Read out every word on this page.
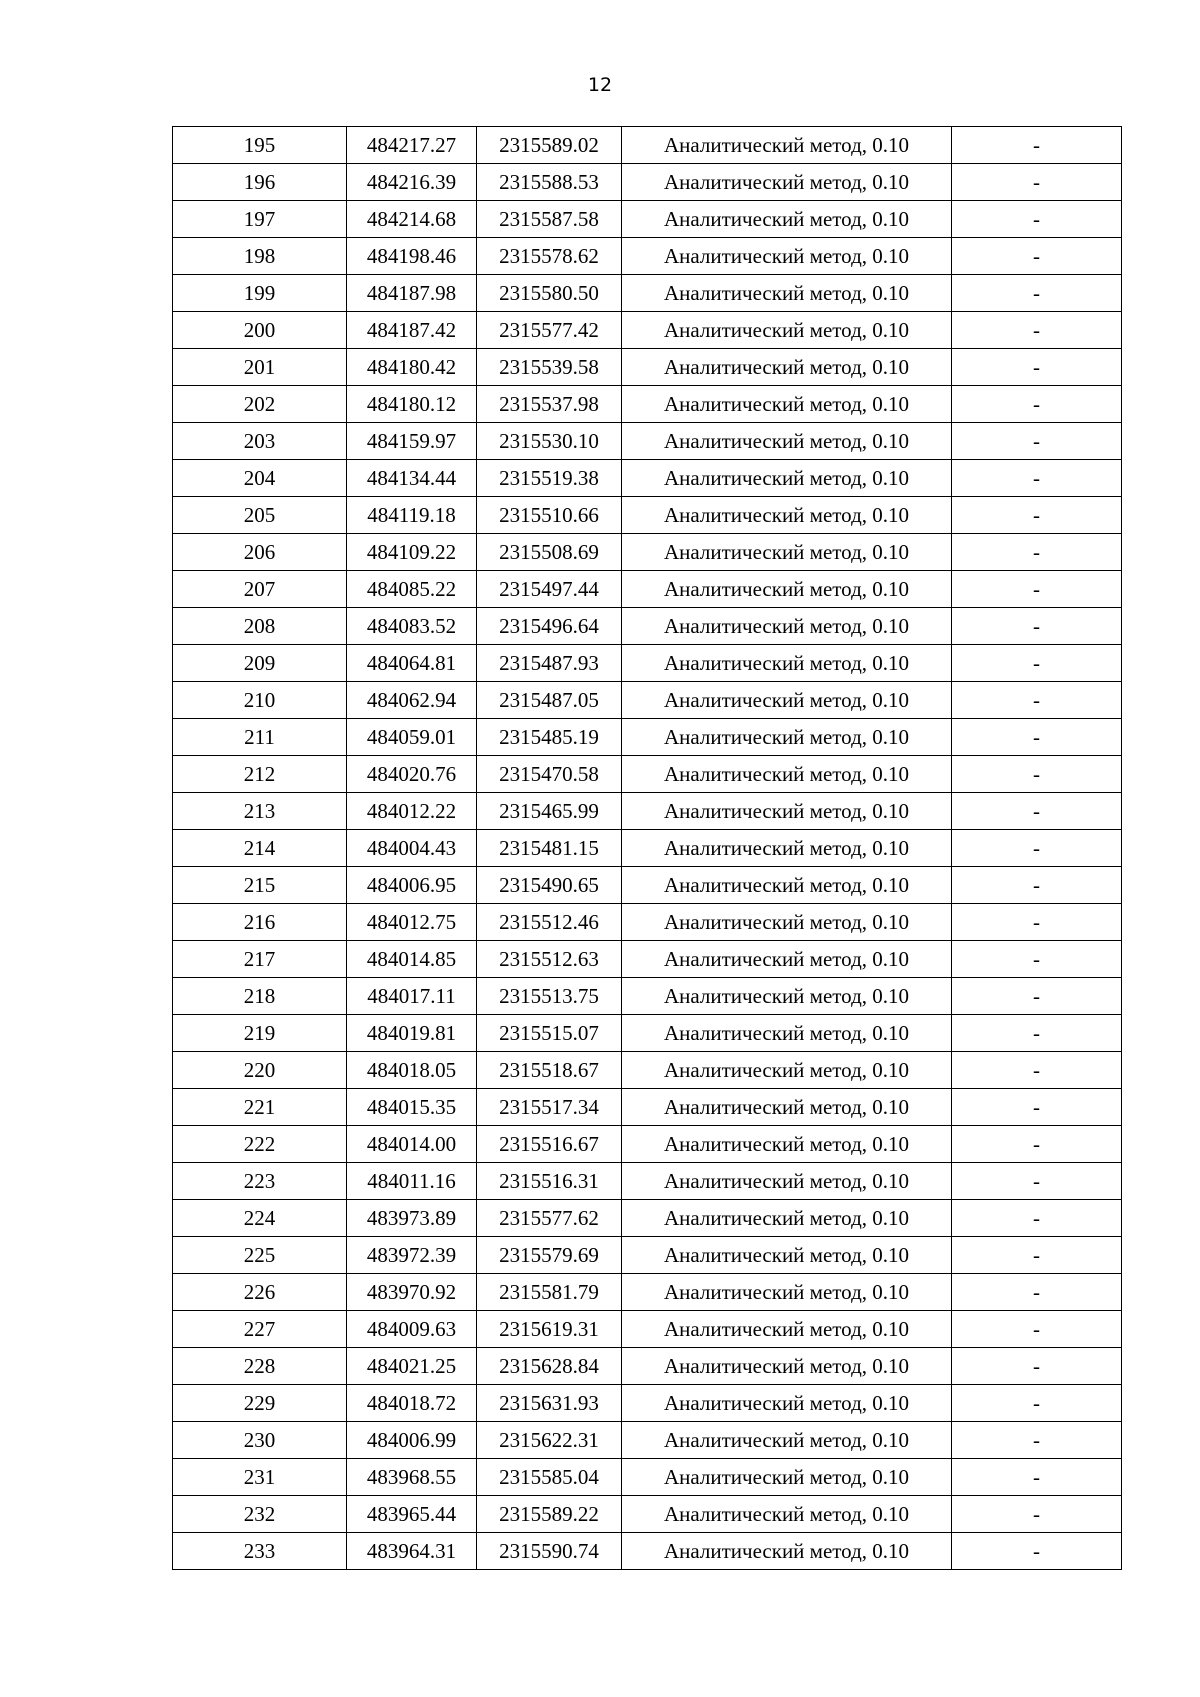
12
195	484217.27	2315589.02	Аналитический метод, 0.10	-
196	484216.39	2315588.53	Аналитический метод, 0.10	-
197	484214.68	2315587.58	Аналитический метод, 0.10	-
198	484198.46	2315578.62	Аналитический метод, 0.10	-
199	484187.98	2315580.50	Аналитический метод, 0.10	-
200	484187.42	2315577.42	Аналитический метод, 0.10	-
201	484180.42	2315539.58	Аналитический метод, 0.10	-
202	484180.12	2315537.98	Аналитический метод, 0.10	-
203	484159.97	2315530.10	Аналитический метод, 0.10	-
204	484134.44	2315519.38	Аналитический метод, 0.10	-
205	484119.18	2315510.66	Аналитический метод, 0.10	-
206	484109.22	2315508.69	Аналитический метод, 0.10	-
207	484085.22	2315497.44	Аналитический метод, 0.10	-
208	484083.52	2315496.64	Аналитический метод, 0.10	-
209	484064.81	2315487.93	Аналитический метод, 0.10	-
210	484062.94	2315487.05	Аналитический метод, 0.10	-
211	484059.01	2315485.19	Аналитический метод, 0.10	-
212	484020.76	2315470.58	Аналитический метод, 0.10	-
213	484012.22	2315465.99	Аналитический метод, 0.10	-
214	484004.43	2315481.15	Аналитический метод, 0.10	-
215	484006.95	2315490.65	Аналитический метод, 0.10	-
216	484012.75	2315512.46	Аналитический метод, 0.10	-
217	484014.85	2315512.63	Аналитический метод, 0.10	-
218	484017.11	2315513.75	Аналитический метод, 0.10	-
219	484019.81	2315515.07	Аналитический метод, 0.10	-
220	484018.05	2315518.67	Аналитический метод, 0.10	-
221	484015.35	2315517.34	Аналитический метод, 0.10	-
222	484014.00	2315516.67	Аналитический метод, 0.10	-
223	484011.16	2315516.31	Аналитический метод, 0.10	-
224	483973.89	2315577.62	Аналитический метод, 0.10	-
225	483972.39	2315579.69	Аналитический метод, 0.10	-
226	483970.92	2315581.79	Аналитический метод, 0.10	-
227	484009.63	2315619.31	Аналитический метод, 0.10	-
228	484021.25	2315628.84	Аналитический метод, 0.10	-
229	484018.72	2315631.93	Аналитический метод, 0.10	-
230	484006.99	2315622.31	Аналитический метод, 0.10	-
231	483968.55	2315585.04	Аналитический метод, 0.10	-
232	483965.44	2315589.22	Аналитический метод, 0.10	-
233	483964.31	2315590.74	Аналитический метод, 0.10	-
